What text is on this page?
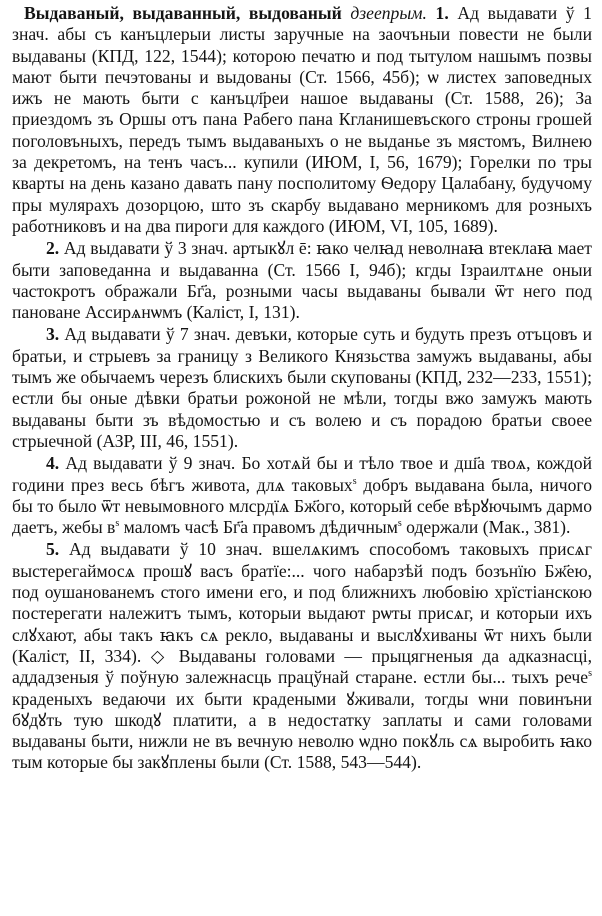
Выдаваный, выдаванный, выдованый дзеепрым. 1. Ад выдавати ў 1 знач. абы съ канъцлерыи листы заручные на заочъныи повести не были выдаваны (КПД, 122, 1544); которою печатю и под тытулом нашымъ позвы мают быти печэтованы и выдованы (Ст. 1566, 45б); ѡ листех заповедных ижъ не мають быти с канъцл҃реи нашое выдаваны (Ст. 1588, 26); За приездомъ зъ Оршы отъ пана Рабего пана Кгланишевъского строны грошей поголовъныхъ, передъ тымъ выдаваныхъ о не выданье зъ мястомъ, Вилнею за декретомъ, на тенъ часъ... купили (ИЮМ, I, 56, 1679); Горелки по тры кварты на день казано давать пану посполитому Ѳедору Цалабану, будучому пры мулярахъ дозорцою, што зъ скарбу выдавано мерникомъ для розныхъ работниковъ и на два пироги для каждого (ИЮМ, VI, 105, 1689).

2. Ад выдавати ў 3 знач. артыкꙋл ē: ꙗко челꙗд неволнаꙗ втеклаꙗ мает быти заповеданна и выдаванна (Ст. 1566 I, 94б); кгды Ізраилтѧне оныи частокротъ ображали Бг҃а, розными часы выдаваны бывали ѿт него под пановане Ассирѧнѡмъ (Калiст, I, 131).

3. Ад выдавати ў 7 знач. девъки, которые суть и будуть презъ отъцовъ и братьи, и стрыевъ за границу з Великого Князьства замужъ выдаваны, абы тымъ же обычаемъ черезъ блискихъ были скупованы (КПД, 232—233, 1551); естли бы оные дѣвки братьи рожоной не мѣли, тогды вжо замужъ мають выдаваны быти зъ вѣдомостью и съ волею и съ порадою братьи своее стрыечной (АЗР, III, 46, 1551).

4. Ад выдавати ў 9 знач. Бо хотѧй бы и тѣло твое и дш҃а твоѧ, кождой години през весь бѣгъ живота, длѧ таковых$^ѕ$ добръ выдавана была, ничого бы то было ѿт невымовного млсрдїѧ Бж҃ого, который себе вѣрꙋючымъ дармо даетъ, жебы $в^ѕ$ маломъ часѣ Бг҃а правомъ дѣдичным$^ѕ$ одержали (Мак., 381).

5. Ад выдавати ў 10 знач. вшелѧкимъ способомъ таковыхъ присѧг выстерегаймосѧ прошꙋ васъ братїе:... чого набарзѣй подъ бозънїю Бж҃ею, под оушанованемъ стого имени его, и под ближнихъ любовiю хрїстiанскою постерегати належитъ тымъ, которыи выдают рѡты присѧг, и которыи ихъ слꙋхают, абы такъ ꙗкъ сѧ рекло, выдаваны и выслꙋхиваны ѿт нихъ были (Калiст, II, 334). ◇ Выдаваны головами — прыцягненыя да адказнасці, аддадзеныя ў поўную залежнасць працўнай старане. естли бы... тыхъ рече$^ѕ$ краденыхъ ведаючи их быти крадеными ꙋживали, тогды ѡни повинъни бꙋдꙋть тую шкодꙋ платити, а в недостатку заплаты и сами головами выдаваны быти, нижли не въ вечную неволю ѡдно покꙋль сѧ выробить ꙗко тым которые бы закꙋплены были (Ст. 1588, 543—544).
